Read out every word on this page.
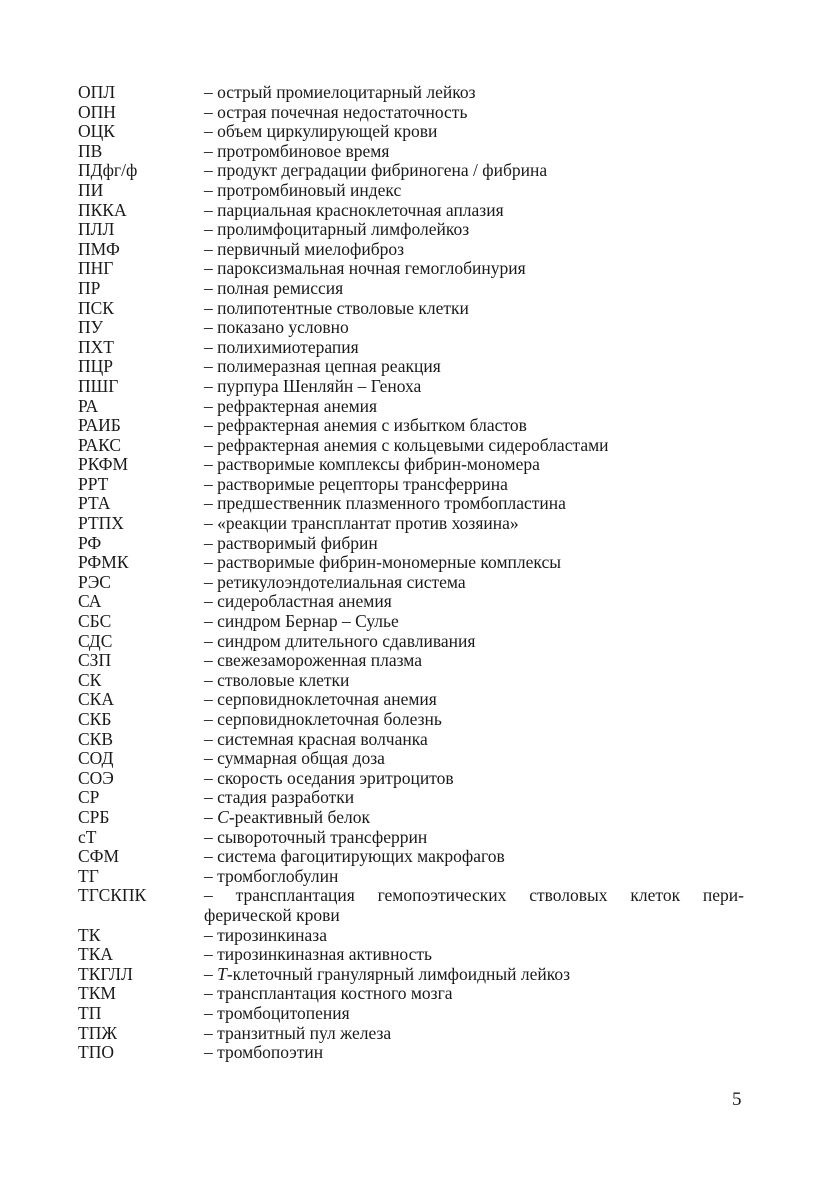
ОПЛ	– острый промиелоцитарный лейкоз
ОПН	– острая почечная недостаточность
ОЦК	– объем циркулирующей крови
ПВ	– протромбиновое время
ПДфг/ф	– продукт деградации фибриногена / фибрина
ПИ	– протромбиновый индекс
ПККА	– парциальная красноклеточная аплазия
ПЛЛ	– пролимфоцитарный лимфолейкоз
ПМФ	– первичный миелофиброз
ПНГ	– пароксизмальная ночная гемоглобинурия
ПР	– полная ремиссия
ПСК	– полипотентные стволовые клетки
ПУ	– показано условно
ПХТ	– полихимиотерапия
ПЦР	– полимеразная цепная реакция
ПШГ	– пурпура Шенляйн – Геноха
РА	– рефрактерная анемия
РАИБ	– рефрактерная анемия с избытком бластов
РАКС	– рефрактерная анемия с кольцевыми сидеробластами
РКФМ	– растворимые комплексы фибрин-мономера
РРТ	– растворимые рецепторы трансферрина
РТА	– предшественник плазменного тромбопластина
РТПХ	– «реакции трансплантат против хозяина»
РФ	– растворимый фибрин
РФМК	– растворимые фибрин-мономерные комплексы
РЭС	– ретикулоэндотелиальная система
СА	– сидеробластная анемия
СБС	– синдром Бернар – Сулье
СДС	– синдром длительного сдавливания
СЗП	– свежезамороженная плазма
СК	– стволовые клетки
СКА	– серповидноклеточная анемия
СКБ	– серповидноклеточная болезнь
СКВ	– системная красная волчанка
СОД	– суммарная общая доза
СОЭ	– скорость оседания эритроцитов
СР	– стадия разработки
СРБ	– С-реактивный белок
сТ	– сывороточный трансферрин
СФМ	– система фагоцитирующих макрофагов
ТГ	– тромбоглобулин
ТГСКПК	– трансплантация гемопоэтических стволовых клеток пери-
ферической крови
ТК	– тирозинкиназа
ТКА	– тирозинкиназная активность
ТКГЛЛ	– Т-клеточный гранулярный лимфоидный лейкоз
ТКМ	– трансплантация костного мозга
ТП	– тромбоцитопения
ТПЖ	– транзитный пул железа
ТПО	– тромбопоэтин
5
